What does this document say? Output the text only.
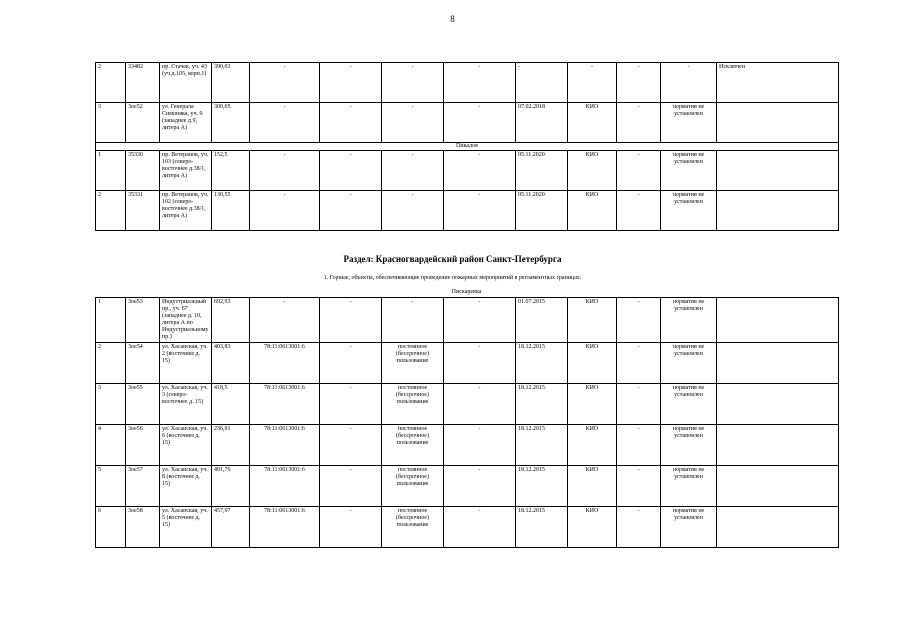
8
2	33482	пр. Стачек, уч. 43 (уч.д.105, корп.1)	390,03	-	-	-	-	-	-	-	-	Исключен
3	3ое52	ул. Генерала Симоняка, уч. 9 (западнее д.9, литера А)	300,05	-	-	-	-	07.02.2018	КИО	-	норматив не установлен	
Пикалов												
1	35330	пр. Ветеранов, уч. 103 (северо-восточнее д.38/1, литера А)	152,5	-	-	-	-	05.11.2020	КИО	-	норматив не установлен	
2	35331	пр. Ветеранов, уч. 102 (северо-восточнее д.38/1, литера А)	130,55	-	-	-	-	05.11.2020	КИО	-	норматив не установлен	
Раздел: Красногвардейский район Санкт-Петербурга
1. Горные, объекты, обеспечивающие проведение пожарных мероприятий в регламентных границах.
Пискаревка
1	3ое53	Индустриальный пр., уч. 67 (западнее д. 10, литера А по Индустриальному пр.)	692,93	-	-	-	-	01.07.2015	КИО	-	норматив не установлен	
2	3ое54	ул. Хасанская, уч. 2 (восточнее д. 15)	403,83	78:11:0613001:6	-	постоянное (бессрочное) пользование	-	18.12.2015	КИО	-	норматив не установлен	
3	3ое55	ул. Хасанская, уч. 3 (северо-восточнее д. 15)	418,5	78:11:0613001:6	-	постоянное (бессрочное) пользование	-	18.12.2015	КИО	-	норматив не установлен	
4	3ое56	ул. Хасанская, уч. 6 (восточнее д. 15)	236,91	78:11:0613001:6	-	постоянное (бессрочное) пользование	-	18.12.2015	КИО	-	норматив не установлен	
5	3ое57	ул. Хасанская, уч. 8 (восточнее д. 15)	491,76	78:11:0613001:6	-	постоянное (бессрочное) пользование	-	18.12.2015	КИО	-	норматив не установлен	
6	3ое58	ул. Хасанская, уч. 5 (восточнее д. 15)	457,97	78:11:0613001:6	-	постоянное (бессрочное) пользование	-	18.12.2015	КИО	-	норматив не установлен	
